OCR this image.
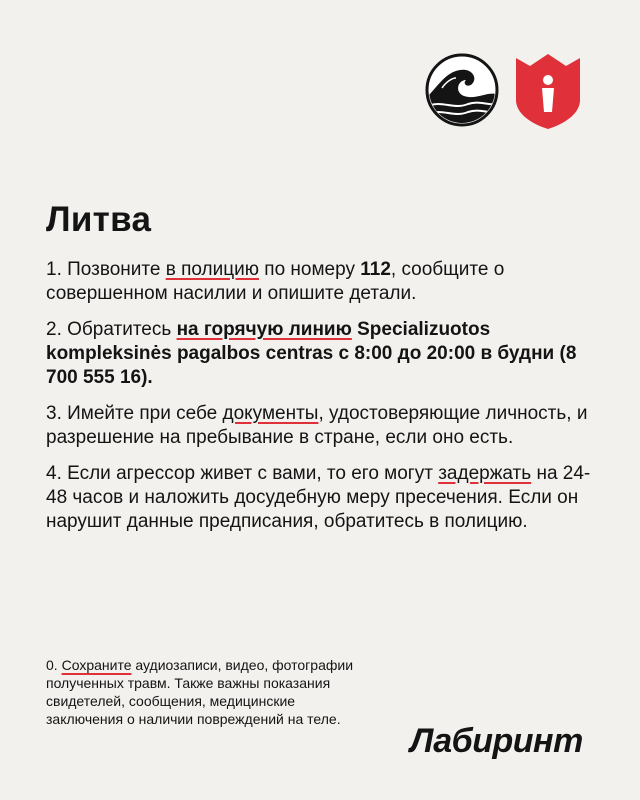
Литва

1. Позвоните в полицию по номеру 112, сообщите о совершенном насилии и опишите детали.

2. Обратитесь на горячую линию Specializuotos kompleksinės pagalbos centras с 8:00 до 20:00 в будни (8 700 555 16).

3. Имейте при себе документы, удостоверяющие личность, и разрешение на пребывание в стране, если оно есть.

4. Если агрессор живет с вами, то его могут задержать на 24-48 часов и наложить досудебную меру пресечения. Если он нарушит данные предписания, обратитесь в полицию.

0. Сохраните аудиозаписи, видео, фотографии полученных травм. Также важны показания свидетелей, сообщения, медицинские заключения о наличии повреждений на теле.
Лабиринт
